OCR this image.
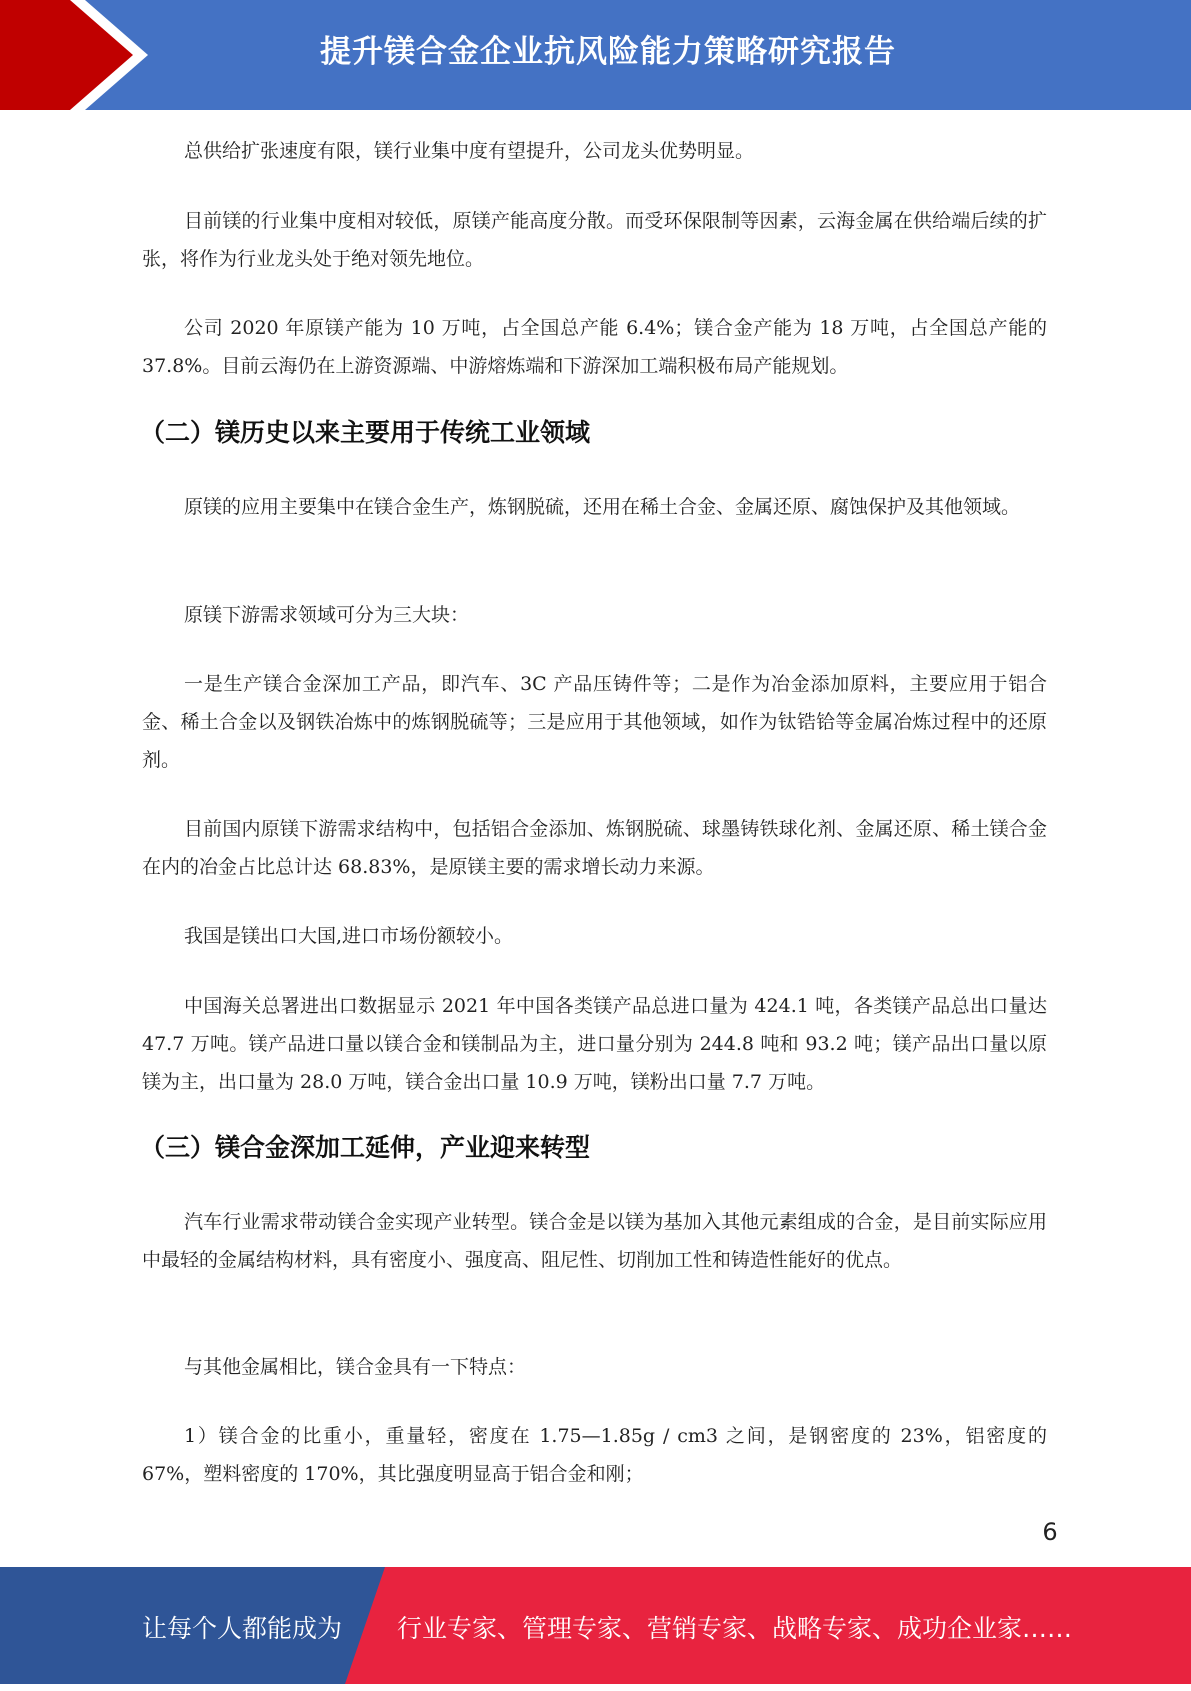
提升镁合金企业抗风险能力策略研究报告

总供给扩张速度有限，镁行业集中度有望提升，公司龙头优势明显。

目前镁的行业集中度相对较低，原镁产能高度分散。而受环保限制等因素，云海金属在供给端后续的扩张，将作为行业龙头处于绝对领先地位。

公司 2020 年原镁产能为 10 万吨，占全国总产能 6.4%；镁合金产能为 18 万吨，占全国总产能的 37.8%。目前云海仍在上游资源端、中游熔炼端和下游深加工端积极布局产能规划。

（二）镁历史以来主要用于传统工业领域

原镁的应用主要集中在镁合金生产，炼钢脱硫，还用在稀土合金、金属还原、腐蚀保护及其他领域。

原镁下游需求领域可分为三大块：

一是生产镁合金深加工产品，即汽车、3C 产品压铸件等；二是作为冶金添加原料，主要应用于铝合金、稀土合金以及钢铁冶炼中的炼钢脱硫等；三是应用于其他领域，如作为钛锆铪等金属冶炼过程中的还原剂。

目前国内原镁下游需求结构中，包括铝合金添加、炼钢脱硫、球墨铸铁球化剂、金属还原、稀土镁合金在内的冶金占比总计达 68.83%，是原镁主要的需求增长动力来源。

我国是镁出口大国,进口市场份额较小。

中国海关总署进出口数据显示 2021 年中国各类镁产品总进口量为 424.1 吨，各类镁产品总出口量达 47.7 万吨。镁产品进口量以镁合金和镁制品为主，进口量分别为 244.8 吨和 93.2 吨；镁产品出口量以原镁为主，出口量为 28.0 万吨，镁合金出口量 10.9 万吨，镁粉出口量 7.7 万吨。

（三）镁合金深加工延伸，产业迎来转型

汽车行业需求带动镁合金实现产业转型。镁合金是以镁为基加入其他元素组成的合金，是目前实际应用中最轻的金属结构材料，具有密度小、强度高、阻尼性、切削加工性和铸造性能好的优点。

与其他金属相比，镁合金具有一下特点：

1）镁合金的比重小，重量轻，密度在 1.75—1.85g / cm3 之间，是钢密度的 23%，铝密度的 67%，塑料密度的 170%，其比强度明显高于铝合金和刚；

6
让每个人都能成为 行业专家、管理专家、营销专家、战略专家、成功企业家……
